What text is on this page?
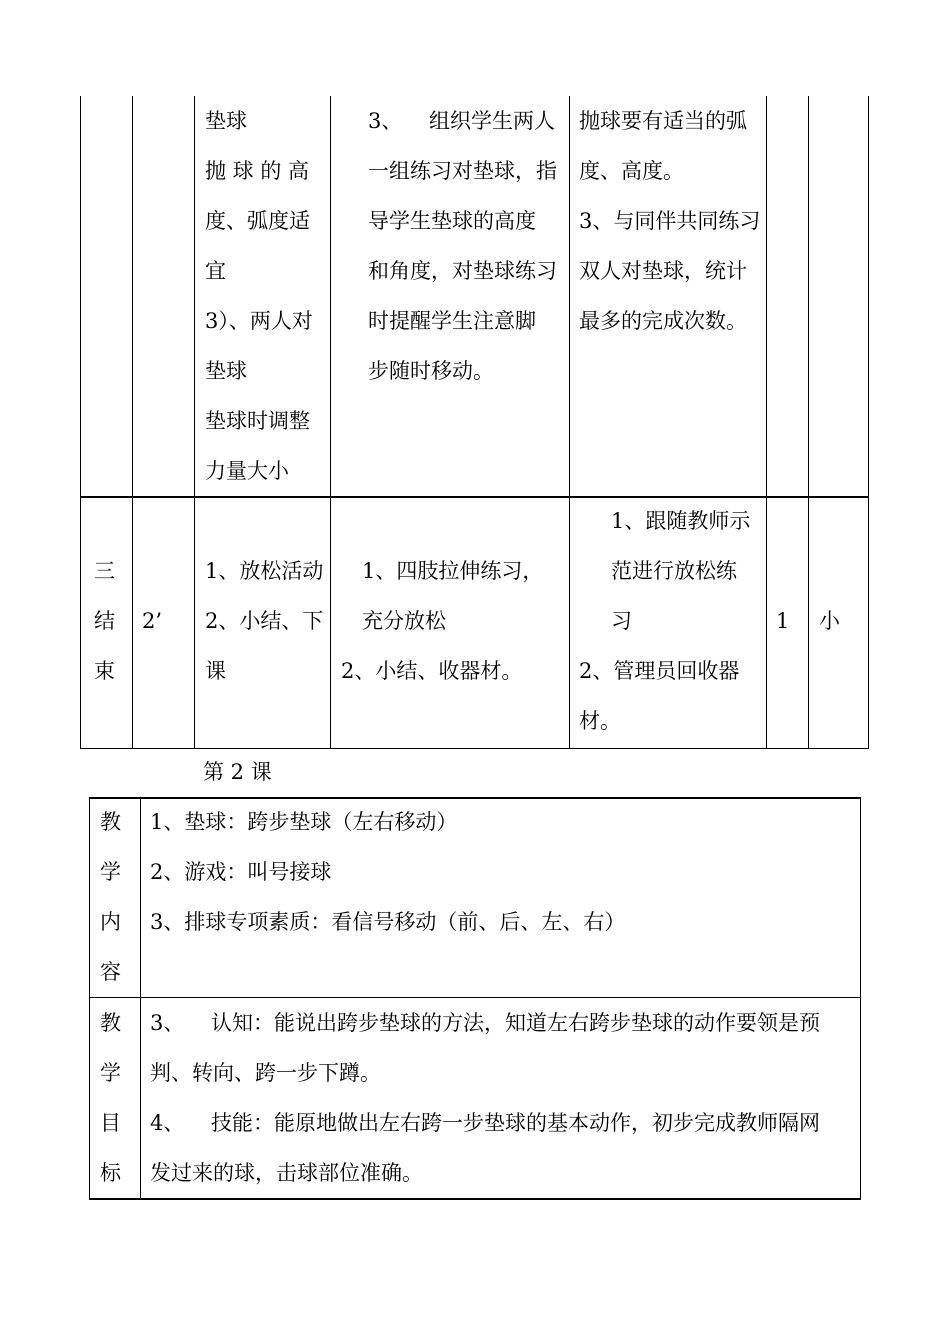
垫球
抛 球 的 高
度、弧度适
宜
3）、两人对
垫球
垫球时调整
力量大小
3、    组织学生两人
一组练习对垫球，指
导学生垫球的高度
和角度，对垫球练习
时提醒学生注意脚
步随时移动。
抛球要有适当的弧
度、高度。
3、与同伴共同练习
双人对垫球，统计
最多的完成次数。
三
结
束
2’
1、放松活动
2、小结、下
课
1、四肢拉伸练习，
充分放松
2、小结、收器材。
1、跟随教师示
范进行放松练
习
2、管理员回收器
材。
1 小
第 2 课
教
学
内
容
1、垫球：跨步垫球（左右移动）
2、游戏：叫号接球
3、排球专项素质：看信号移动（前、后、左、右）
教
学
目
标
3、    认知：能说出跨步垫球的方法，知道左右跨步垫球的动作要领是预
判、转向、跨一步下蹲。
4、    技能：能原地做出左右跨一步垫球的基本动作，初步完成教师隔网
发过来的球，击球部位准确。
